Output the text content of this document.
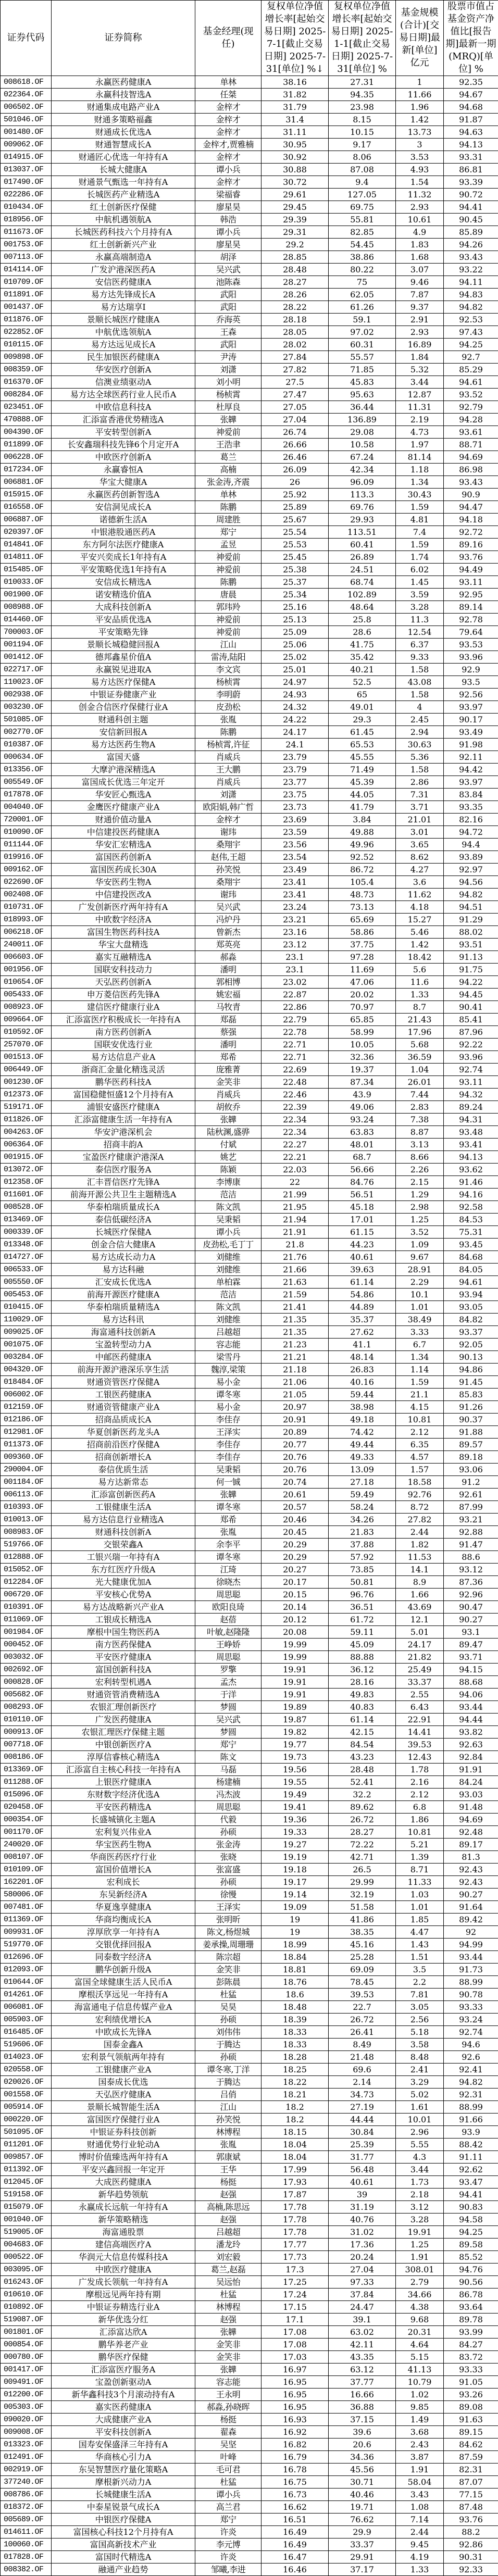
证券代码	证券简称	基金经理(现任)	复权单位净值增长率[起始交易日期] 2025-7-1[截止交易日期] 2025-7-31[单位] %↓	复权单位净值增长率[起始交易日期] 2025-1-1[截止交易日期] 2025-7-31[单位] %	基金规模(合计)[交易日期]最新[单位]亿元	股票市值占基金资产净值比[报告期]最新一期(MRQ)[单位] %
008618.OF	永赢医药健康A	单林	38.16	27.31	1	92.35
022364.OF	永赢科技智选A	任桀	31.82	94.35	11.66	94.67
006502.OF	财通集成电路产业A	金梓才	31.79	23.98	1.96	94.68
501046.OF	财通多策略福鑫	金梓才	31.4	8.15	1.42	91.87
001480.OF	财通成长优选A	金梓才	31.11	10.15	13.73	94.63
009062.OF	财通智慧成长A	金梓才,贾雅楠	30.95	9.17	3	94.13
014915.OF	财通匠心优选一年持有A	金梓才	30.92	8.06	3.53	93.31
013037.OF	长城大健康A	谭小兵	30.88	87.08	4.93	86.81
017490.OF	财通景气甄选一年持有A	金梓才	30.72	9.4	1.54	93.39
022286.OF	长城医药产业精选A	梁福睿	29.61	127.05	11.32	90.72
010434.OF	红土创新医疗保健	廖星昊	29.45	69.75	2.93	94.41
018956.OF	中航机遇领航A	韩浩	29.39	55.81	10.61	90.45
011673.OF	长城医药科技六个月持有A	谭小兵	29.31	82.85	4.9	85.89
001753.OF	红土创新新兴产业	廖星昊	29.2	54.45	1.83	94.26
007113.OF	永赢高端制造A	胡泽	28.85	38.86	1.68	93.43
014114.OF	广发沪港深医药A	吴兴武	28.48	80.22	3.07	93.22
010709.OF	安信医药健康A	池陈森	28.27	75	9.46	94.11
011891.OF	易方达先锋成长A	武阳	28.26	62.05	7.87	94.83
001437.OF	易方达瑞享I	武阳	28.22	61.26	9.37	94.82
011876.OF	景顺长城医疗健康A	乔海英	28.18	59.1	2.91	92.53
022852.OF	中航优选领航A	王森	28.05	97.02	2.93	97.43
010115.OF	易方达远见成长A	武阳	28.02	60.31	16.89	94.25
009898.OF	民生加银医药健康A	尹涛	27.84	55.57	1.84	92.7
008359.OF	华安医疗创新A	刘潇	27.82	71.85	5.32	85.29
016370.OF	信澳业绩驱动A	刘小明	27.5	45.83	3.44	94.61
008284.OF	易方达全球医药行业人民币A	杨桢霄	27.47	95.63	12.87	93.52
023451.OF	中欧信息科技A	杜厚良	27.05	36.44	11.31	92.79
470888.OF	汇添富香港优势精选A	张韡	27.04	136.89	2.19	94.28
004390.OF	平安转型创新A	神爱前	26.74	29.08	4.73	93.61
011899.OF	长安鑫瑞科技先锋6个月定开A	王浩聿	26.66	10.58	1.97	88.71
006228.OF	中欧医疗创新A	葛兰	26.46	67.24	81.14	94.69
017234.OF	永赢睿恒A	高楠	26.09	42.34	1.18	86.98
006881.OF	华宝大健康A	张金涛,齐震	26	96.09	1.34	93.43
015915.OF	永赢医药创新智选A	单林	25.92	113.3	30.43	90.9
016558.OF	安信洞见成长A	陈鹏	25.89	69.76	1.59	94.47
006887.OF	诺德新生活A	周建胜	25.67	29.93	4.81	94.18
020397.OF	中银港股通医药A	郑宁	25.54	113.51	7.4	92.72
014841.OF	东方阿尔法医疗健康A	孟昱	25.53	60.41	1.59	89.16
014811.OF	平安兴奕成长1年持有A	神爱前	25.45	26.89	1.74	93.76
015485.OF	平安策略优选1年持有A	神爱前	25.38	24.51	6.02	94.49
010033.OF	安信成长精选A	陈鹏	25.37	68.74	1.45	93.11
001900.OF	诺安精选价值A	唐晨	25.34	102.89	3.59	92.95
008988.OF	大成科技创新A	郭玮羚	25.16	48.64	3.28	89.14
014460.OF	平安品质优选A	神爱前	25.13	25.8	11.3	92.78
700003.OF	平安策略先锋	神爱前	25.09	28.6	12.54	79.64
001194.OF	景顺长城稳健回报A	江山	25.06	41.75	6.37	93.53
001412.OF	德邦鑫星价值A	雷涛,陆阳	25.02	35.42	9.33	93.96
022717.OF	永赢锐见进取A	李文宾	25.01	40.21	1.58	92.9
110023.OF	易方达医疗保健A	杨桢霄	24.97	52.5	43.08	93.5
002938.OF	中银证券健康产业	李明蔚	24.93	65	1.58	92.56
003230.OF	创金合信医疗保健行业A	皮劲松	24.32	49.01	4	93.97
501085.OF	财通科创主题	张胤	24.22	29.3	2.45	90.17
002770.OF	安信新回报A	陈鹏	24.17	61.45	2.94	93.49
010387.OF	易方达医药生物A	杨桢霄,许征	24.1	65.53	30.63	91.98
000634.OF	富国天盛	肖威兵	23.79	45.55	5.36	92.11
013356.OF	大摩沪港深精选A	王大鹏	23.79	71.49	1.58	94.42
005549.OF	富国成长优选三年定开	肖威兵	23.77	45.39	2.86	93.97
017878.OF	华安匠心甄选A	刘潇	23.75	44.05	7.31	83.84
004040.OF	金鹰医疗健康产业A	欧阳娟,韩广哲	23.73	41.79	3.71	93.35
720001.OF	财通价值动量A	金梓才	23.69	3.84	21.01	82.16
010090.OF	中信建投医药健康A	谢玮	23.59	49.88	3.01	94.72
011144.OF	华安汇宏精选A	桑翔宇	23.56	49.96	3.65	94.4
019916.OF	富国医药创新A	赵伟,王超	23.54	92.52	8.62	93.89
009162.OF	富国医药成长30A	孙笑悦	23.49	86.72	4.27	92.97
022690.OF	华安医药生物A	桑翔宇	23.41	105.4	3.6	94.56
002408.OF	中信建投医改A	谢玮	23.41	48.73	11.62	94.82
010731.OF	广发创新医疗两年持有A	吴兴武	23.24	73.13	4.18	94.51
018993.OF	中欧数字经济A	冯炉丹	23.21	65.69	15.27	91.29
006218.OF	富国生物医药科技A	曾新杰	23.16	58.86	5.46	88.02
240011.OF	华宝大盘精选	郑英亮	23.12	37.75	1.42	93.51
006603.OF	嘉实互融精选A	郝淼	23.1	97.28	18.42	91.13
001956.OF	国联安科技动力	潘明	23.1	11.69	5.6	91.75
010654.OF	天弘医药创新A	郭相博	23.02	47.06	11.6	94.22
005433.OF	申万菱信医药先锋A	姚宏福	22.87	20.02	1.33	94.45
008923.OF	建信医疗健康行业A	马牧青	22.86	70.97	8.7	90.41
009664.OF	汇添富医疗积极成长一年持有A	郑磊	22.79	65.85	21.43	85.41
010592.OF	南方医药创新A	蔡强	22.78	58.99	17.96	87.96
257070.OF	国联安优选行业	潘明	22.71	10.05	5.68	92.22
001513.OF	易方达信息产业A	郑希	22.71	32.36	36.59	93.96
006449.OF	浙商汇金量化精选灵活	庞雅菁	22.69	19.37	1.04	92.74
001230.OF	鹏华医药科技A	金笑非	22.48	87.34	26.01	93.11
012373.OF	富国稳健恒盛12个月持有A	肖威兵	22.46	43.9	7.44	94.32
519171.OF	浦银安盛医疗健康A	胡攸乔	22.39	49.06	2.83	89.24
011826.OF	汇添富健康生活一年持有A	张韡	22.34	93.24	7.38	94.31
004263.OF	华安沪港深机会	陆秋渊,盛骅	22.34	63.83	8.87	93.48
006364.OF	招商丰韵A	付斌	22.27	48.01	3.13	93.41
001915.OF	宝盈医疗健康沪港深A	姚艺	22.21	68.7	8.66	94.13
013072.OF	泰信医疗服务A	陈颖	22.03	56.66	2.26	93.62
012358.OF	汇丰晋信医疗先锋A	李博康	22	84.76	2.15	91.46
011601.OF	前海开源公共卫生主题精选A	范洁	21.99	56.51	1.29	94.16
008528.OF	华泰柏瑞质量成长A	陈文凯	21.95	45.18	2.98	92.58
013469.OF	泰信低碳经济A	吴秉韬	21.94	17.01	1.25	84.53
000339.OF	长城医疗保健A	谭小兵	21.91	61.15	3.52	75.31
013348.OF	创金合信大健康A	皮劲松,毛丁丁	21.8	44.23	1.09	93.45
014727.OF	易方达成长动力A	刘健维	21.76	40.61	9.67	84.68
006533.OF	易方达科融	刘健维	21.66	39.63	28.91	84.05
005550.OF	汇安成长优选A	单柏霖	21.63	61.14	2.29	94.61
005453.OF	前海开源医疗健康A	范洁	21.59	54.86	10.1	93.94
010415.OF	华泰柏瑞质量精选A	陈文凯	21.41	44.89	1.01	93.05
110029.OF	易方达科讯	刘健维	21.35	35.37	38.49	84.82
009025.OF	海富通科技创新A	吕越超	21.35	27.62	3.33	93.37
001075.OF	宝盈转型动力A	容志能	21.23	41.1	6.7	92.05
003284.OF	中邮医药健康A	梁雪丹	21.21	48.14	1.34	90.13
004320.OF	前海开源沪港深乐享生活	魏淳,梁策	21.18	26.83	1.14	94.86
018484.OF	财通资管医疗保健A	易小金	21.06	40.16	1.59	91.45
006002.OF	工银医药健康A	谭冬寒	21.05	59.44	21.1	85.83
012159.OF	财通资管健康产业A	易小金	20.97	38.98	4.15	91.26
012186.OF	招商品质成长A	李佳存	20.91	49.18	10.81	90.37
012981.OF	华夏创新医药龙头A	王泽实	20.89	74.42	2.12	91.88
011373.OF	招商前沿医疗保健A	李佳存	20.77	49.44	6.35	89.57
009360.OF	招商创新增长A	李佳存	20.76	49.33	4.57	89.18
290004.OF	泰信优质生活	吴秉韬	20.76	13.09	1.57	93.06
001184.OF	易方达新常态	何一铖	20.74	27.18	18.58	91.2
006113.OF	汇添富创新医药A	张韡	20.61	59.49	92.76	92.61
010393.OF	工银健康生活A	谭冬寒	20.57	58.24	8.72	87.99
010013.OF	易方达信息行业精选A	郑希	20.46	34.26	27.82	93.21
008983.OF	财通科技创新A	张胤	20.45	21.83	2.44	92.88
519766.OF	交银荣鑫A	余李平	20.29	37.88	1.82	91.47
012888.OF	工银兴瑞一年持有A	谭冬寒	20.29	57.92	11.53	88.6
015052.OF	东方红医疗升级A	江琦	20.27	73.85	14.1	93.12
012284.OF	光大健康优加A	徐晓杰	20.17	50.81	8.9	87.36
006720.OF	平安核心优势A	周思聪	20.15	96.76	1.66	92.96
010391.OF	易方达战略新兴产业A	欧阳良琦	20.14	36.51	43.69	90.47
011069.OF	工银成长精选A	赵蓓	20.12	61.72	12.1	90.27
001984.OF	摩根中国生物医药A	叶敏,赵隆隆	20.08	59.11	5.01	93.1
000452.OF	南方医药保健A	王峥娇	19.99	45.09	24.17	89.47
003032.OF	平安医疗健康A	周思聪	19.99	88.88	21.82	93.71
002692.OF	富国创新科技A	罗擎	19.91	36.12	25.49	94.15
000828.OF	宏利转型机遇A	孟杰	19.91	28.16	33.37	88.68
005682.OF	财通资管消费精选A	于洋	19.91	49.83	2.55	94.06
008293.OF	农银汇理创新医疗	梦圆	19.89	40.83	6.43	93.44
010110.OF	广发医药健康A	吴兴武	19.87	61.14	22.91	94.44
000913.OF	农银汇理医疗保健主题	梦圆	19.82	42.15	14.41	93.82
007718.OF	中银创新医疗A	郑宁	19.77	84.54	39.53	92.63
008186.OF	淳厚信睿核心精选A	陈文	19.73	43.23	12.43	92.84
013369.OF	汇添富自主核心科技一年持有A	马磊	19.56	28.48	1.78	91.91
011288.OF	上银医疗健康A	杨建楠	19.55	52.41	2.16	84.24
015096.OF	东财数字经济优选A	冯杰波	19.49	32.2	2.12	93.03
020458.OF	平安医药精选A	周思聪	19.41	89.62	6.8	91.48
000354.OF	长盛城镇化主题A	代毅	19.36	26.72	1.86	94.69
001170.OF	宏利复兴伟业A	孙硕	19.33	28.27	10.81	92.48
240020.OF	华宝医药生物A	张金涛	19.27	72.22	5.21	89.17
008107.OF	华商医药医疗行业	张晓	19.19	42.71	1.39	81.3
010109.OF	富国价值增长A	张富盛	19.18	26.5	8.71	92.43
162201.OF	宏利成长	孙硕	19.17	29.99	11.33	92.43
580006.OF	东吴新经济A	徐慢	19.14	32.19	1.03	90.27
007481.OF	华夏逸享健康A	王泽实	19.09	51.58	1.01	91.64
011369.OF	华商均衡成长A	张明昕	19	41.86	1.85	89.42
009931.OF	淳厚欣享一年持有A	陈文,杨煜城	19	38.35	4.47	92
519770.OF	交银优择回报A	姜承操,周珊珊	18.99	45.16	1.43	94.99
012696.OF	同泰数字经济A	陈宗超	18.84	25.28	1.51	93.44
012093.OF	鹏华创新升级A	金笑非	18.81	69.09	3.5	91.73
010644.OF	富国全球健康生活人民币A	彭陈晨	18.76	78.45	2.2	88.99
014261.OF	摩根沃享远见一年持有A	杜猛	18.6	39.53	7.81	90.78
006081.OF	海富通电子信息传媒产业A	吴昊	18.48	22.7	3.05	93.33
005903.OF	宏利绩优增长A	孙硕	18.39	26.72	2.56	93.24
016485.OF	中欧成长先锋A	刘伟伟	18.33	26.41	5.18	92.74
519606.OF	国泰金鑫A	于腾达	18.33	8.49	3.58	94.6
014023.OF	宏利景气领航两年持有	孙硕	18.28	21.48	8.48	92.6
020558.OF	工银健康产业A	谭冬寒,丁洋	18.25	69.6	2.41	92.41
020026.OF	国泰成长优选	于腾达	18.22	2.14	3.29	94.82
001558.OF	天弘医疗健康A	吕俏	18.21	34.73	5.02	92.31
005914.OF	景顺长城智能生活A	江山	18.2	27.19	1.61	88.99
000220.OF	富国医疗保健行业A	孙笑悦	18.2	44.44	10.01	91.66
501095.OF	中银证券科技创新	林博程	18.15	30.84	2.96	93.9
011201.OF	财通优势行业轮动A	张胤	18.04	25.39	5.55	88.42
009857.OF	博时价值臻选两年持有A	郭康斌	18.04	31.77	4.3	91.11
011392.OF	平安兴鑫回报一年定开	王华	17.99	56.48	3.44	92.62
012045.OF	大成医药健康A	杨挺	17.93	40.61	1.73	93.47
519158.OF	新华趋势领航	赵强	17.87	39	2.18	94.41
015079.OF	永赢成长远航一年持有A	高楠,陈思远	17.78	31.19	3.12	90.83
001040.OF	新华策略精选	赵强	17.78	40.76	3.28	94.58
519005.OF	海富通股票	吕越超	17.78	31.02	19.91	94.25
004683.OF	建信高端医疗A	潘龙玲	17.77	17.36	1.25	89.58
000522.OF	华润元大信息传媒科技A	刘宏毅	17.73	20.24	1.91	85.52
003095.OF	中欧医疗健康A	葛兰,赵磊	17.3	27.04	308.01	94.76
016243.OF	广发成长领航一年持有A	吴远怡	17.25	97.33	2.79	90.56
010610.OF	摩根远见两年持有期	杜猛	17.24	37.84	34.66	86.78
010892.OF	中银证券精选行业A	林博程	17.15	24.47	4.38	93.64
519087.OF	新华优选分红	赵强	17.1	39.1	9.68	89.78
001801.OF	汇添富达欣A	张韡	17.08	63.02	20.31	93.99
000854.OF	鹏华养老产业	金笑非	17.08	42.11	4.64	84.27
000780.OF	鹏华医疗保健	金笑非	17.03	43.35	5.15	83.72
001417.OF	汇添富医疗服务A	张韡	16.97	63.12	41.13	93.33
009491.OF	宝盈创新驱动A	容志能	16.95	37.77	10.79	91.05
012200.OF	新华鑫科技3个月滚动持有A	王永明	16.95	16.66	1.02	93.26
005303.OF	嘉实医药健康A	郝淼,孙晓晖	16.95	36.88	9.85	89.08
090020.OF	大成健康产业A	杨挺	16.93	37.15	1.49	91.63
009008.OF	平安科技创新A	翟森	16.92	39.6	3.68	89.15
013323.OF	国寿安保盛泽三年持有A	吴坚	16.82	20.6	2.43	84.62
012491.OF	华商核心引力A	叶峰	16.79	34.36	3.87	87.59
002919.OF	东吴智慧医疗量化策略A	毛可君	16.78	45.56	1.91	82.31
377240.OF	摩根新兴动力A	杜猛	16.75	30.71	58.04	87.07
008786.OF	长城健康生活A	谭小兵	16.73	40.46	3.43	77.15
018372.OF	中泰星锐景气成长A	高兰君	16.62	19.71	1.08	87.48
005689.OF	中银医疗保健A	郑宁	16.51	76.62	7.14	93.76
014611.OF	富国核心科技12个月持有A	许炎	16.49	29.9	2.44	88.2
100060.OF	富国高新技术产业	李元博	16.49	33.37	9.45	92.86
017828.OF	富国时代精选A	许炎	16.47	29.91	4.19	90.31
008382.OF	融通产业趋势	邹曦,李进	16.46	37.17	1.33	92.33
